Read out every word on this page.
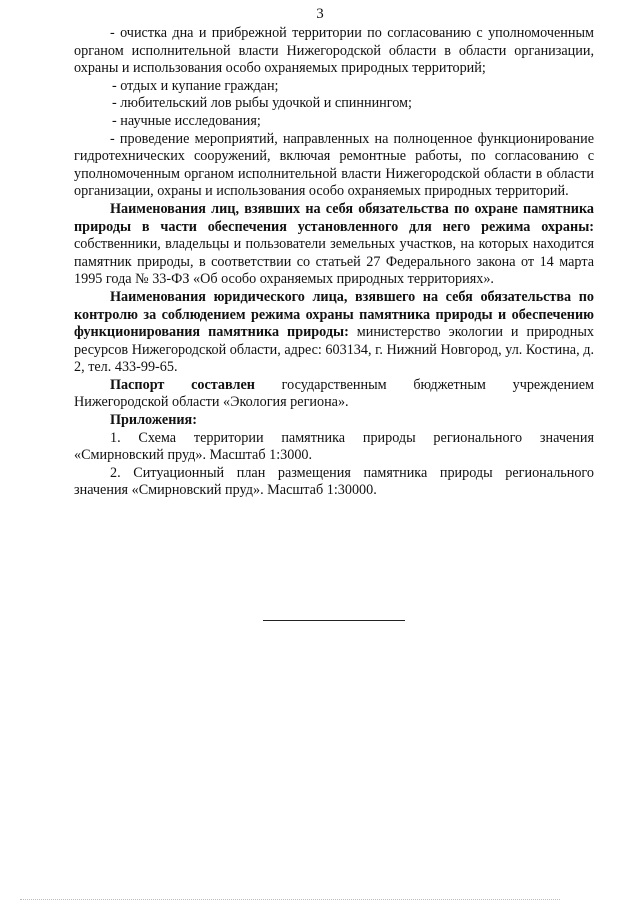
3

- очистка дна и прибрежной территории по согласованию с уполномоченным органом исполнительной власти Нижегородской области в области организации, охраны и использования особо охраняемых природных территорий;

- отдых и купание граждан;

- любительский лов рыбы удочкой и спиннингом;

- научные исследования;

- проведение мероприятий, направленных на полноценное функционирование гидротехнических сооружений, включая ремонтные работы, по согласованию с уполномоченным органом исполнительной власти Нижегородской области в области организации, охраны и использования особо охраняемых природных территорий.

Наименования лиц, взявших на себя обязательства по охране памятника природы в части обеспечения установленного для него режима охраны: собственники, владельцы и пользователи земельных участков, на которых находится памятник природы, в соответствии со статьей 27 Федерального закона от 14 марта 1995 года № 33-ФЗ «Об особо охраняемых природных территориях».

Наименования юридического лица, взявшего на себя обязательства по контролю за соблюдением режима охраны памятника природы и обеспечению функционирования памятника природы: министерство экологии и природных ресурсов Нижегородской области, адрес: 603134, г. Нижний Новгород, ул. Костина, д. 2, тел. 433-99-65.

Паспорт составлен государственным бюджетным учреждением Нижегородской области «Экология региона».

Приложения:

1. Схема территории памятника природы регионального значения «Смирновский пруд». Масштаб 1:3000.

2. Ситуационный план размещения памятника природы регионального значения «Смирновский пруд». Масштаб 1:30000.
